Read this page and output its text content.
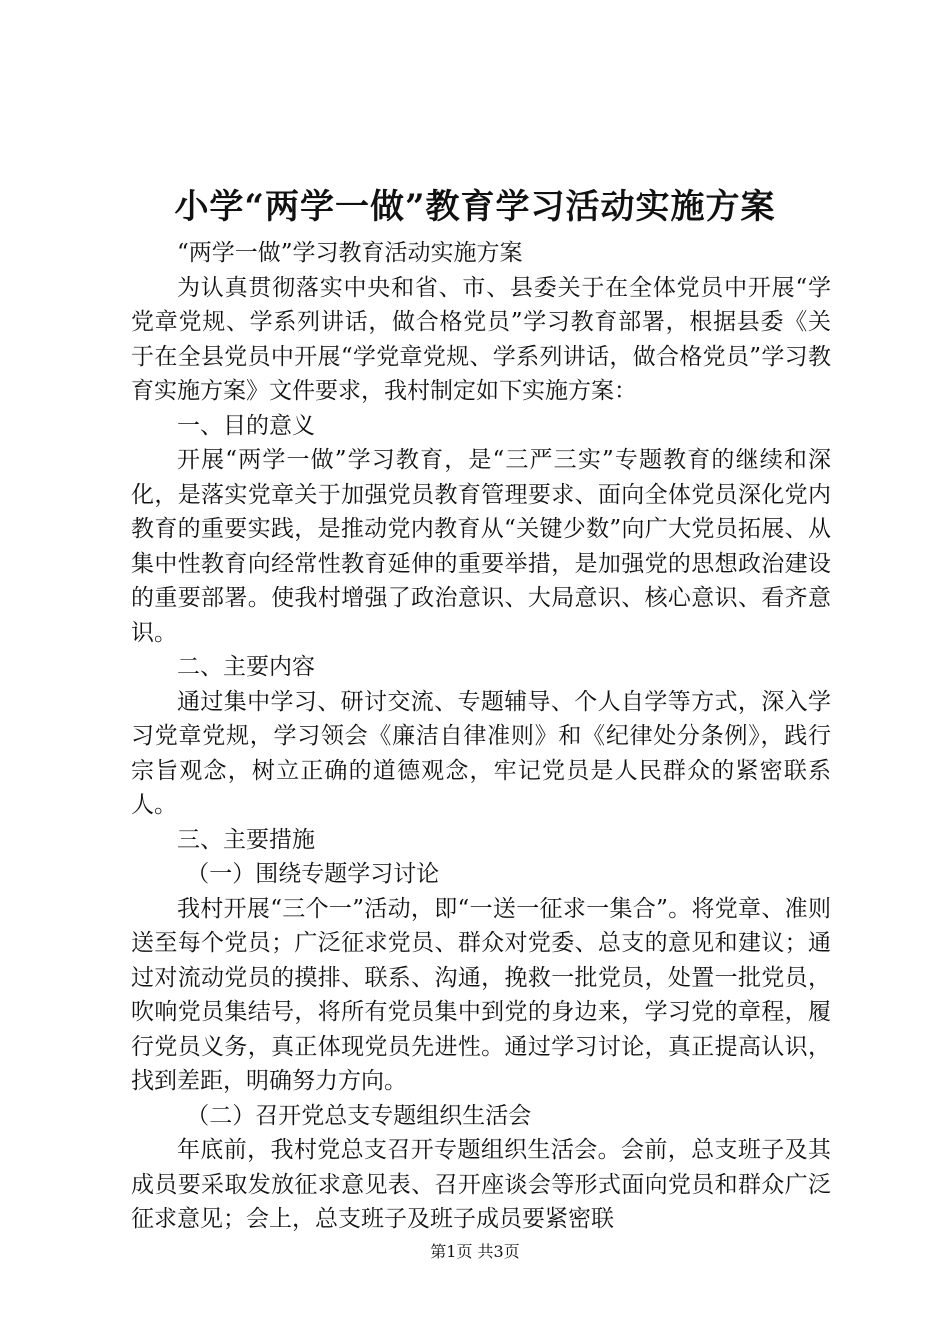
小学“两学一做”教育学习活动实施方案

“两学一做”学习教育活动实施方案

为认真贯彻落实中央和省、市、县委关于在全体党员中开展“学党章党规、学系列讲话，做合格党员”学习教育部署，根据县委《关于在全县党员中开展“学党章党规、学系列讲话，做合格党员”学习教育实施方案》文件要求，我村制定如下实施方案：

一、目的意义

开展“两学一做”学习教育，是“三严三实”专题教育的继续和深化，是落实党章关于加强党员教育管理要求、面向全体党员深化党内教育的重要实践，是推动党内教育从“关键少数”向广大党员拓展、从集中性教育向经常性教育延伸的重要举措，是加强党的思想政治建设的重要部署。使我村增强了政治意识、大局意识、核心意识、看齐意识。

二、主要内容

通过集中学习、研讨交流、专题辅导、个人自学等方式，深入学习党章党规，学习领会《廉洁自律准则》和《纪律处分条例》，践行宗旨观念，树立正确的道德观念，牢记党员是人民群众的紧密联系人。

三、主要措施

（一）围绕专题学习讨论

我村开展“三个一”活动，即“一送一征求一集合”。将党章、准则送至每个党员；广泛征求党员、群众对党委、总支的意见和建议；通过对流动党员的摸排、联系、沟通，挽救一批党员，处置一批党员，吹响党员集结号，将所有党员集中到党的身边来，学习党的章程，履行党员义务，真正体现党员先进性。通过学习讨论，真正提高认识，找到差距，明确努力方向。

（二）召开党总支专题组织生活会

年底前，我村党总支召开专题组织生活会。会前，总支班子及其成员要采取发放征求意见表、召开座谈会等形式面向党员和群众广泛征求意见；会上，总支班子及班子成员要紧密联

第1页 共3页
